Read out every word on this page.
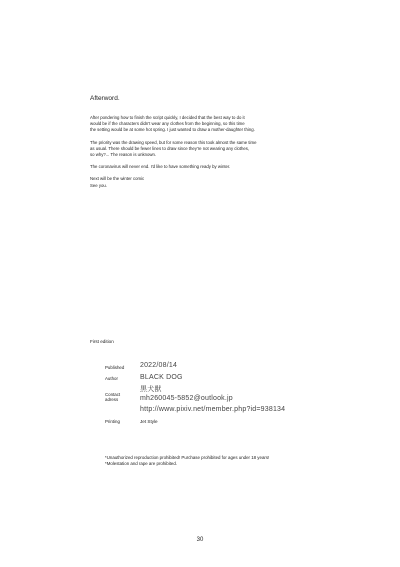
Afterword.
After pondering how to finish the script quickly, I decided that the best way to do it
would be if the characters didn't wear any clothes from the beginning, so this time
the setting would be at some hot spring. I just wanted to draw a mother-daughter thing.
The priority was the drawing speed, but for some reason this took almost the same time
as usual. There should be fewer lines to draw since they're not wearing any clothes,
so why?... The reason is unknown.
The coronavirus will never end. I'd like to have something ready by winter.
Next will be the winter comic
See you.
First edition
Published 2022/08/14
Author	BLACK DOG
Contact
adress
黒犬獣
mh260045-5852@outlook.jp
http://www.pixiv.net/member.php?id=938134
Printing	Jet Style
*Unauthorized reproduction prohibited! Purchase prohibited for ages under 18 years!
*Molestation and rape are prohibited.
30
